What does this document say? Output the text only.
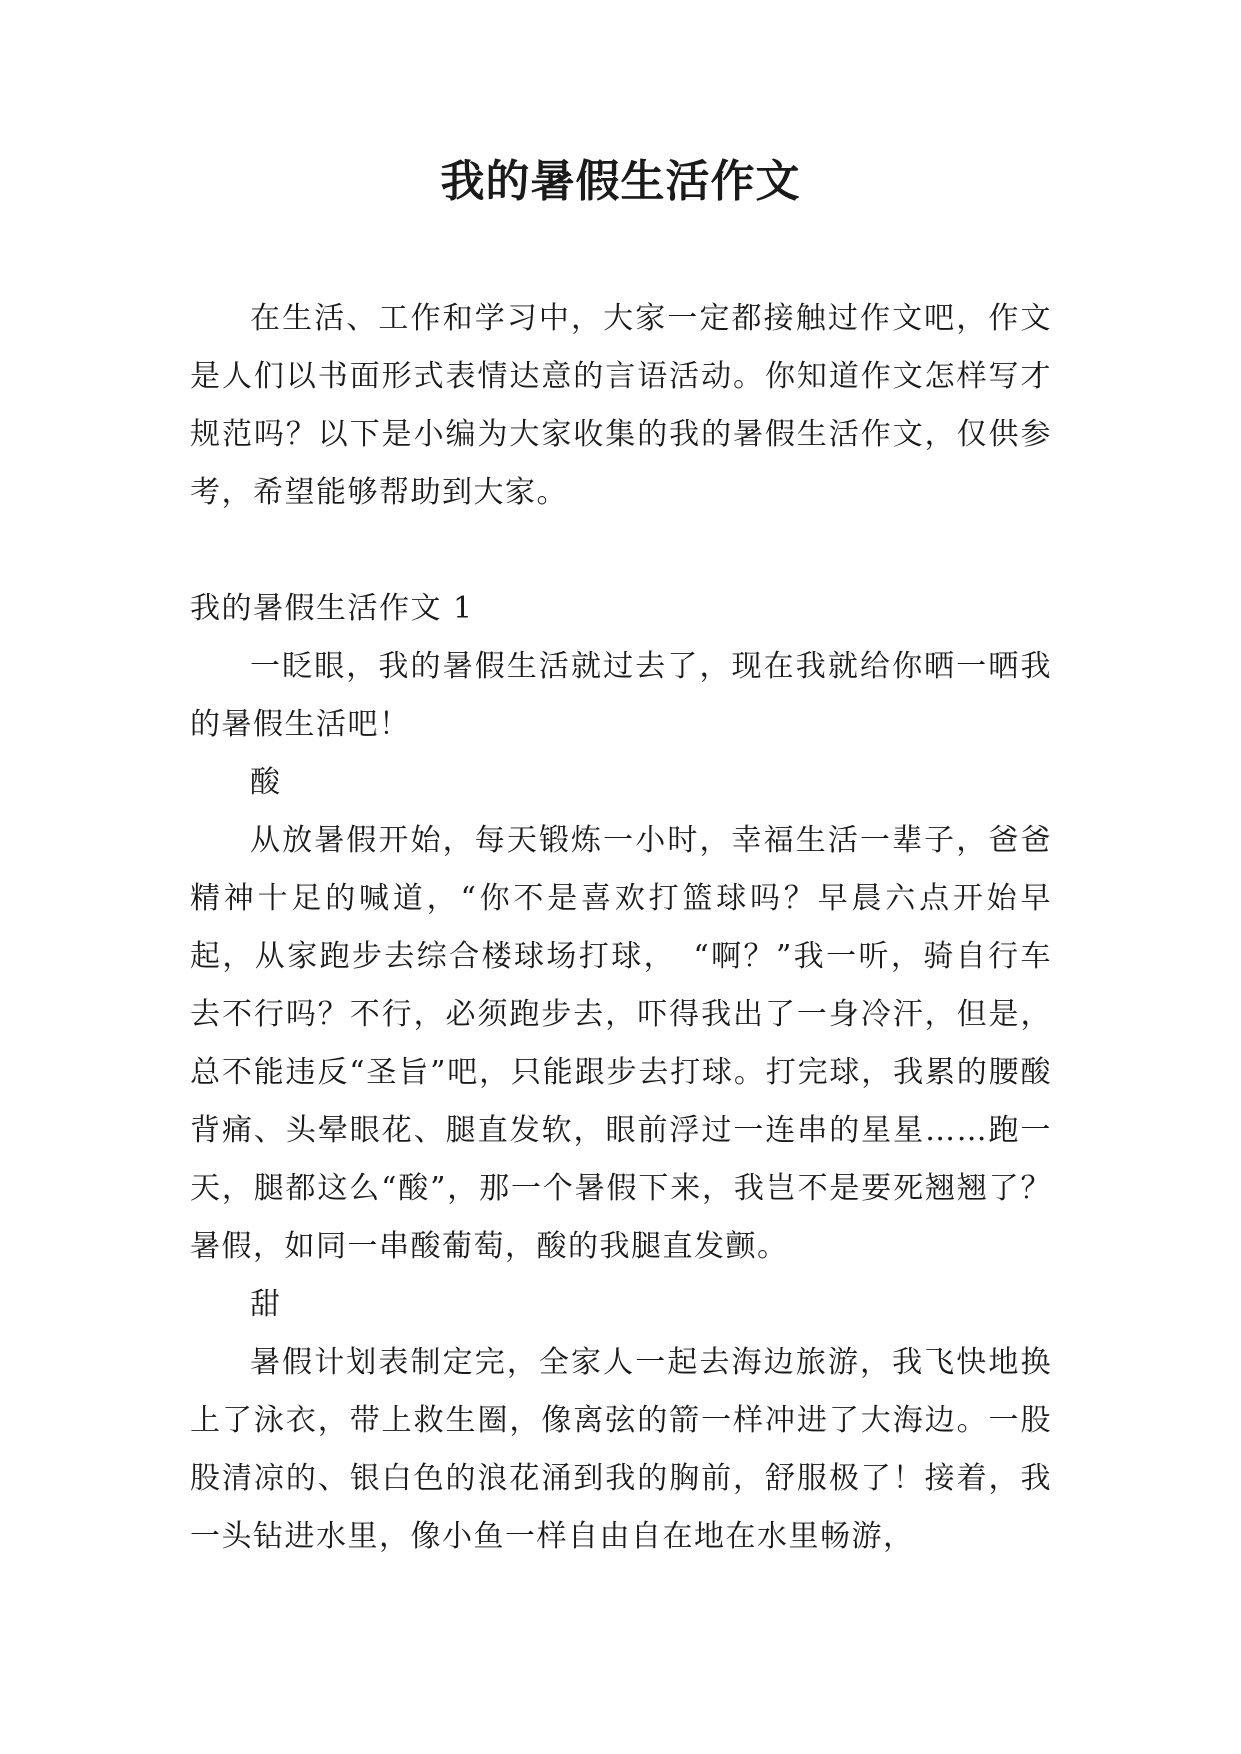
我的暑假生活作文

在生活、工作和学习中，大家一定都接触过作文吧，作文是人们以书面形式表情达意的言语活动。你知道作文怎样写才规范吗？以下是小编为大家收集的我的暑假生活作文，仅供参考，希望能够帮助到大家。

我的暑假生活作文 1

一眨眼，我的暑假生活就过去了，现在我就给你晒一晒我的暑假生活吧！

酸

从放暑假开始，每天锻炼一小时，幸福生活一辈子，爸爸精神十足的喊道，“你不是喜欢打篮球吗？早晨六点开始早起，从家跑步去综合楼球场打球，　“啊？”我一听，骑自行车去不行吗？不行，必须跑步去，吓得我出了一身冷汗，但是，总不能违反“圣旨”吧，只能跟步去打球。打完球，我累的腰酸背痛、头晕眼花、腿直发软，眼前浮过一连串的星星……跑一天，腿都这么“酸”，那一个暑假下来，我岂不是要死翘翘了？暑假，如同一串酸葡萄，酸的我腿直发颤。

甜

暑假计划表制定完，全家人一起去海边旅游，我飞快地换上了泳衣，带上救生圈，像离弦的箭一样冲进了大海边。一股股清凉的、银白色的浪花涌到我的胸前，舒服极了！接着，我一头钻进水里，像小鱼一样自由自在地在水里畅游，
